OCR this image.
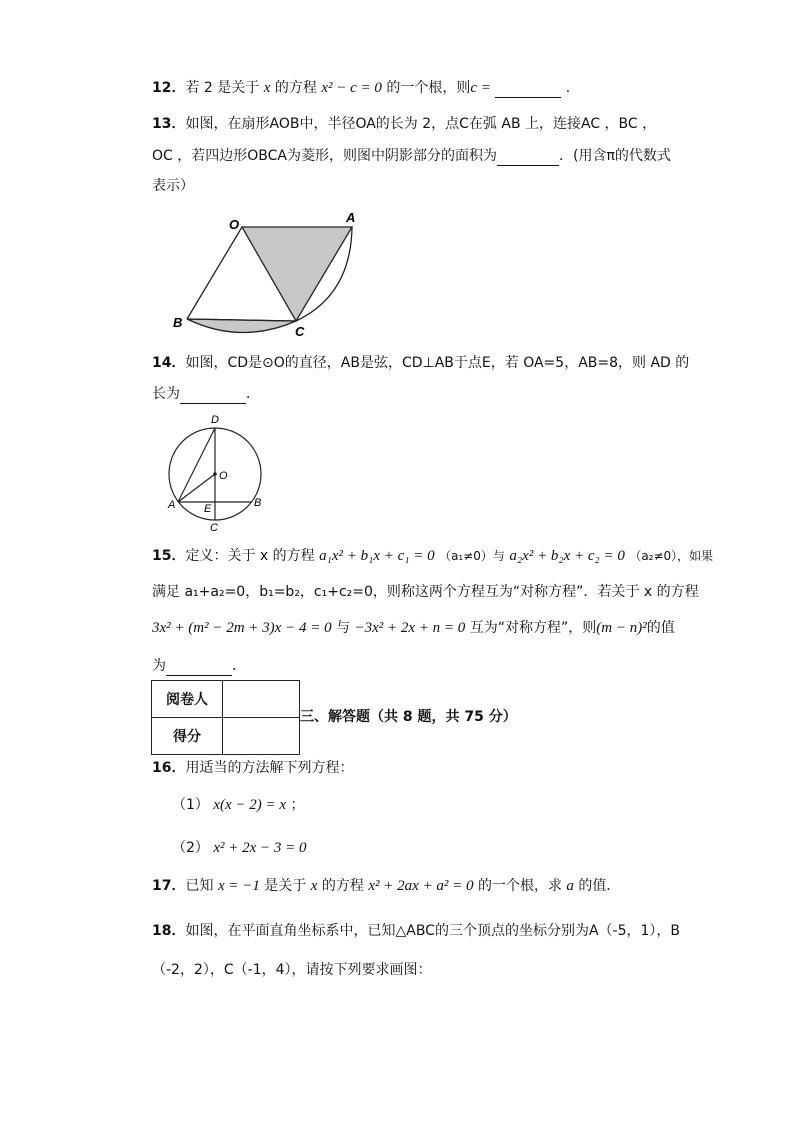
12．若 2 是关于 x 的方程 x² − c = 0 的一个根，则c =	.
13．如图，在扇形AOB中，半径OA的长为 2，点C在弧 AB 上，连接AC ，BC ，
OC ，若四边形OBCA为菱形，则图中阴影部分的面积为	．(用含π的代数式
表示）
O	A
B
C
14．如图，CD是⊙O的直径，AB是弦，CD⊥AB于点E，若 OA=5，AB=8，则 AD 的
长为	．
D
O
A	E	B
C
15．定义：关于 x 的方程 a₁x² + b₁x + c₁ = 0 （a₁≠0）与 a₂x² + b₂x + c₂ = 0 （a₂≠0），如果
满足 a₁+a₂=0，b₁=b₂，c₁+c₂=0，则称这两个方程互为“对称方程”．若关于 x 的方程
3x² + (m² − 2m + 3)x − 4 = 0 与 −3x² + 2x + n = 0 互为“对称方程”，则(m − n)²的值
为	．
阅卷人	
得分	
三、解答题（共 8 题，共 75 分）
16．用适当的方法解下列方程：
（1） x(x − 2) = x ；
（2） x² + 2x − 3 = 0
17．已知 x = −1 是关于 x 的方程 x² + 2ax + a² = 0 的一个根，求 a 的值．
18．如图，在平面直角坐标系中，已知△ABC的三个顶点的坐标分别为A（-5，1），B
（-2，2），C（-1，4），请按下列要求画图：
